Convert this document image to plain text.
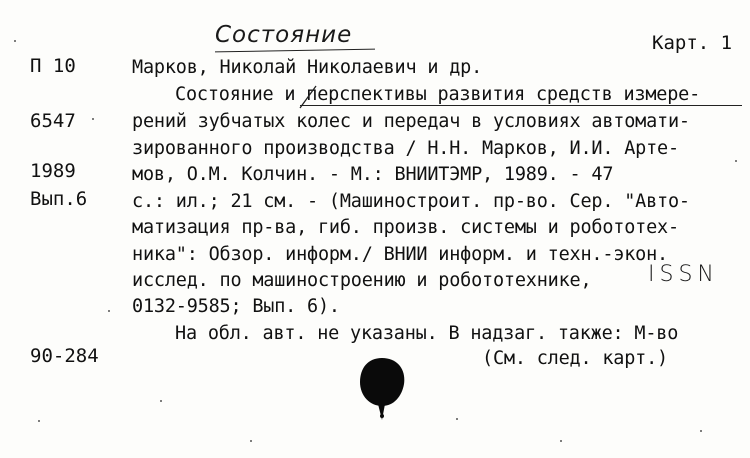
Состояние	Карт. 1
П 10
6547
1989
Вып.6
90-284
Марков, Николай Николаевич и др.
Состояние и перспективы развития средств измере-
рений зубчатых колес и передач в условиях автомати-
зированного производства / Н.Н. Марков, И.И. Арте-
мов, О.М. Колчин. - М.: ВНИИТЭМР, 1989. - 47
с.: ил.; 21 см. - (Машиностроит. пр-во. Сер. "Авто-
матизация пр-ва, гиб. произв. системы и робототех-
ника": Обзор. информ./ ВНИИ информ. и техн.-экон.
исслед. по машиностроению и робототехнике,
0132-9585; Вып. 6).
На обл. авт. не указаны. В надзаг. также: М-во
(См. след. карт.)
ISSN
